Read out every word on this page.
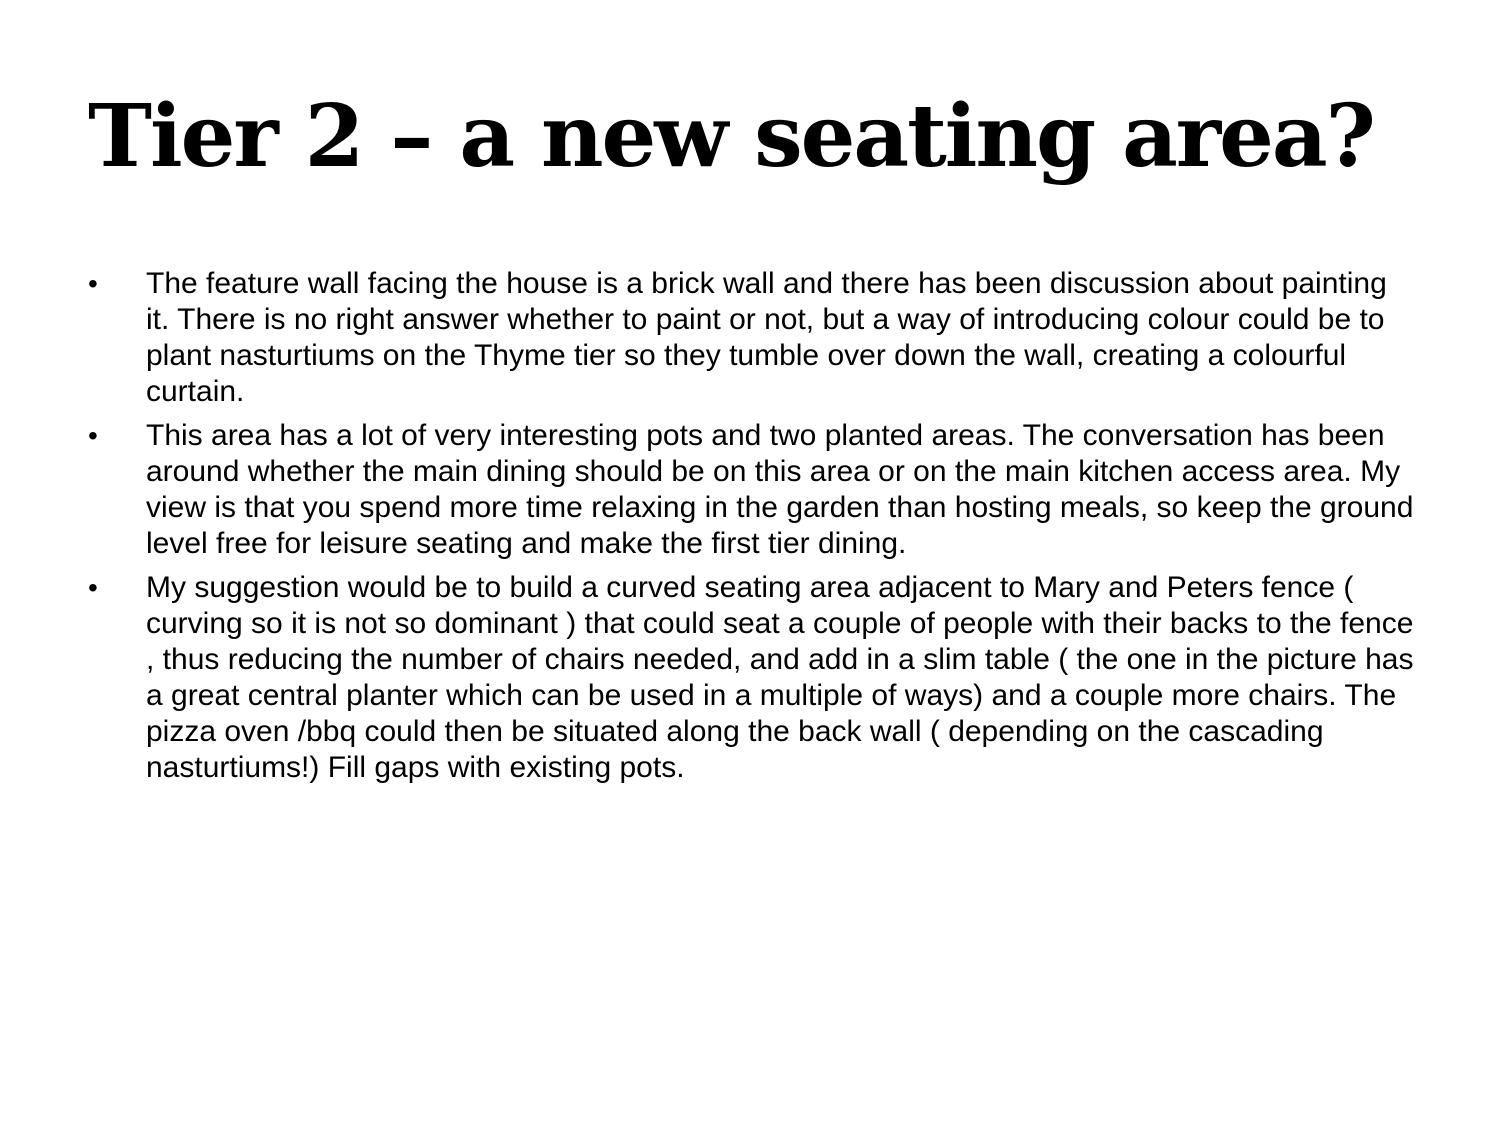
Tier 2 – a new seating area?
•	The feature wall facing the house is a brick wall and there has been discussion about painting it. There is no right answer whether to paint or not, but a way of introducing colour could be to plant nasturtiums on the Thyme tier so they tumble over down the wall, creating a colourful curtain.
•	This area has a lot of very interesting pots and two planted areas. The conversation has been around whether the main dining should be on this area or on the main kitchen access area. My view is that you spend more time relaxing in the garden than hosting meals, so keep the ground level free for leisure seating and make the first tier dining.
•	My suggestion would be to build a curved seating area adjacent to Mary and Peters fence ( curving so it is not so dominant ) that could seat a couple of people with their backs to the fence , thus reducing the number of chairs needed, and add in a slim table ( the one in the picture has a great central planter which can be used in a multiple of ways) and a couple more chairs. The pizza oven /bbq could then be situated along the back wall ( depending on the cascading nasturtiums!) Fill gaps with existing pots.
